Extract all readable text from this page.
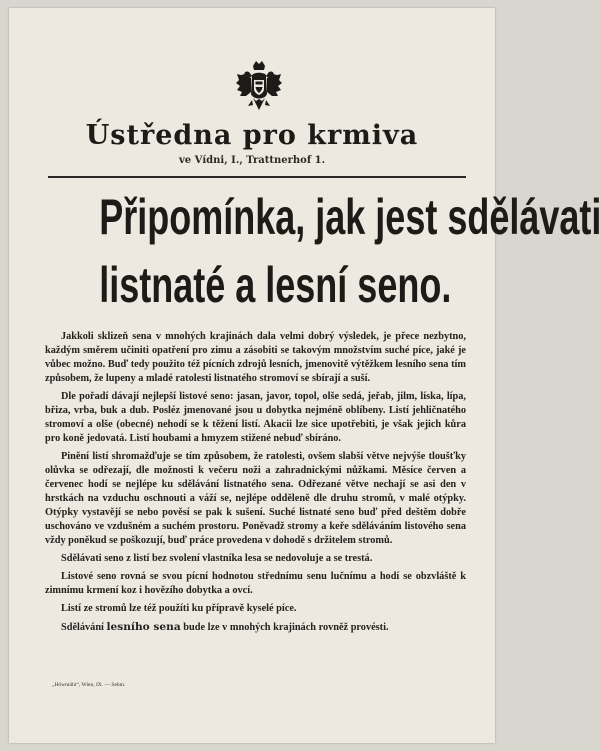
Ústředna pro krmiva
ve Vídni, I., Trattnerhof 1.
Připomínka, jak jest sdělávati
listnaté a lesní seno.

Jakkoli sklizeň sena v mnohých krajinách dala velmi dobrý výsledek, je přece nezbytno, každým směrem učiniti opatření pro zimu a zásobiti se takovým množstvím suché píce, jaké je vůbec možno. Buď tedy použito též pícních zdrojů lesních, jmenovitě výtěžkem lesního sena tím způsobem, že lupeny a mladé ratolesti listnatého stromoví se sbírají a suší.

Dle pořadí dávají nejlepší listové seno: jasan, javor, topol, olše sedá, jeřab, jilm, líska, lípa, břiza, vrba, buk a dub. Posléz jmenované jsou u dobytka nejméně oblíbeny. Listí jehličnatého stromoví a olše (obecné) nehodí se k těžení listí. Akacii lze sice upotřebiti, je však jejich kůra pro koně jedovatá. Listí houbami a hmyzem stižené nebuď sbíráno.

Pinění listí shromažďuje se tím způsobem, že ratolesti, ovšem slabší větve nejvýše tloušťky olůvka se odřezají, dle možnosti k večeru noži a zahradnickými nůžkami. Měsíce červen a červenec hodí se nejlépe ku sdělávání listnatého sena. Odřezané větve nechají se asi den v hrstkách na vzduchu oschnouti a váží se, nejlépe odděleně dle druhu stromů, v malé otýpky. Otýpky vystavějí se nebo pověsí se pak k sušení. Suché listnaté seno buď před deštěm dobře uschováno ve vzdušném a suchém prostoru. Poněvadž stromy a keře sděláváním listového sena vždy poněkud se poškozují, buď práce provedena v dohodě s držitelem stromů.

Sdělávati seno z listí bez svolení vlastníka lesa se nedovoluje a se trestá.

Listové seno rovná se svou pícní hodnotou střednímu senu lučnímu a hodí se obzvláště k zimnímu krmení koz i hovězího dobytka a ovcí.

Listí ze stromů lze též použíti ku přípravě kyselé píce.

Sdělávání lesního sena bude lze v mnohých krajinách rovněž provésti.

„Höwmühl“, Wien, IX. — Sehm.
